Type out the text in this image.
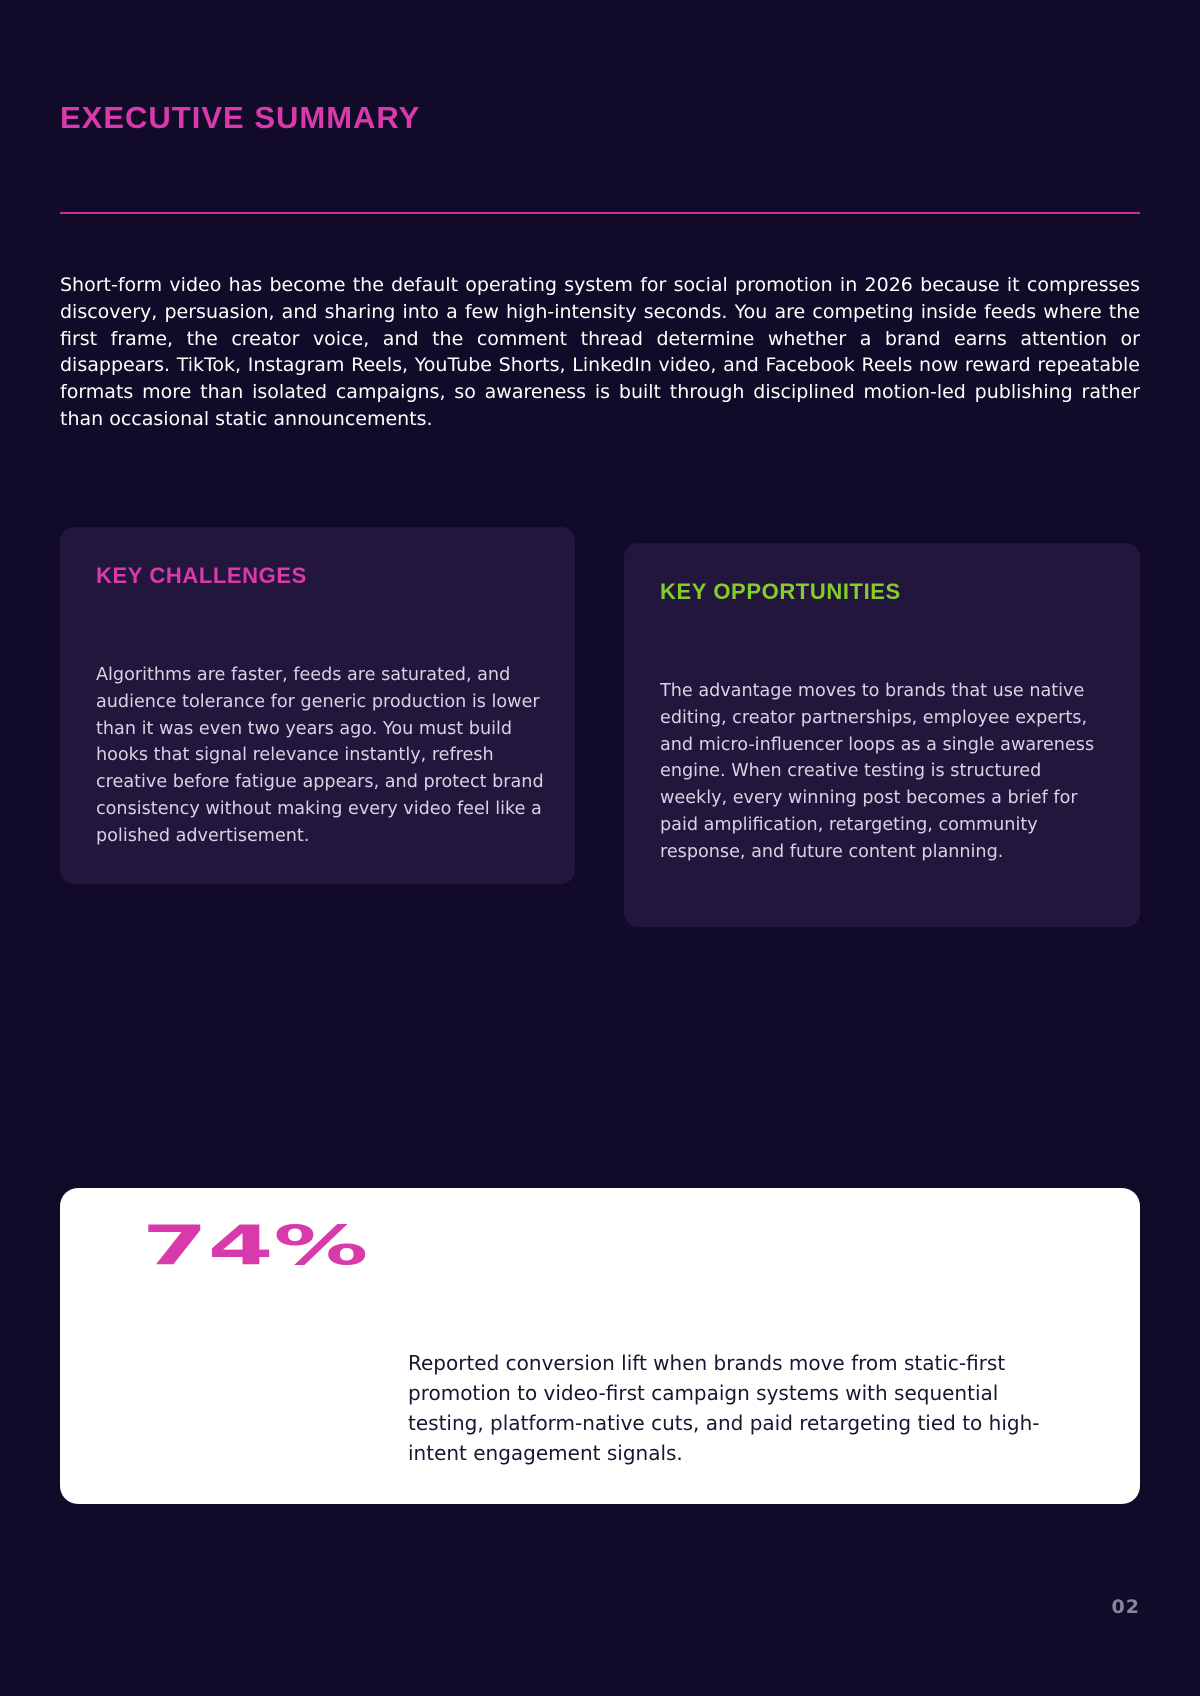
EXECUTIVE SUMMARY

Short-form video has become the default operating system for social promotion in 2026 because it compresses discovery, persuasion, and sharing into a few high-intensity seconds. You are competing inside feeds where the first frame, the creator voice, and the comment thread determine whether a brand earns attention or disappears. TikTok, Instagram Reels, YouTube Shorts, LinkedIn video, and Facebook Reels now reward repeatable formats more than isolated campaigns, so awareness is built through disciplined motion-led publishing rather than occasional static announcements.

KEY CHALLENGES

Algorithms are faster, feeds are saturated, and audience tolerance for generic production is lower than it was even two years ago. You must build hooks that signal relevance instantly, refresh creative before fatigue appears, and protect brand consistency without making every video feel like a polished advertisement.

KEY OPPORTUNITIES

The advantage moves to brands that use native editing, creator partnerships, employee experts, and micro-influencer loops as a single awareness engine. When creative testing is structured weekly, every winning post becomes a brief for paid amplification, retargeting, community response, and future content planning.

74%

Reported conversion lift when brands move from static-first promotion to video-first campaign systems with sequential testing, platform-native cuts, and paid retargeting tied to high-intent engagement signals.

02
